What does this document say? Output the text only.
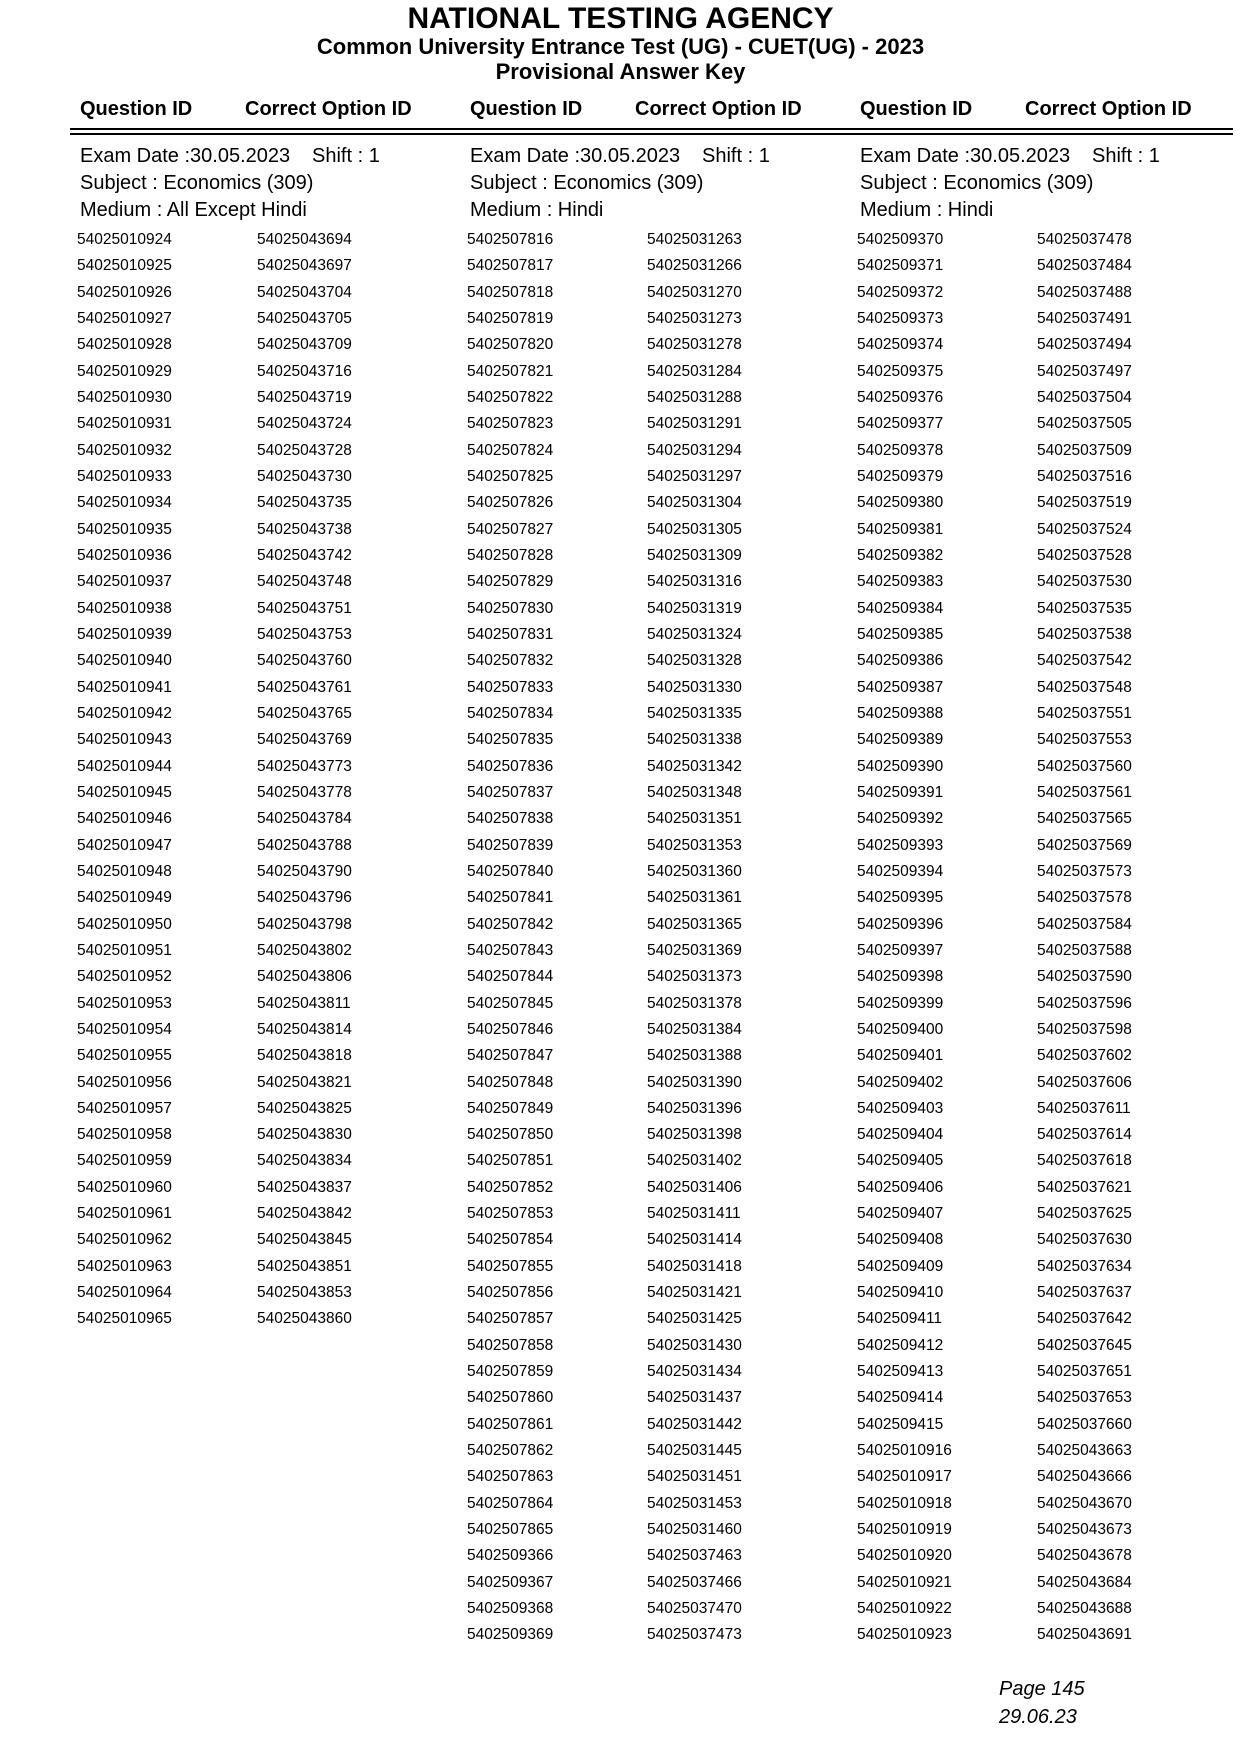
NATIONAL TESTING AGENCY
Common University Entrance Test (UG) - CUET(UG) - 2023
Provisional Answer Key
Question ID	Correct Option ID	Question ID	Correct Option ID	Question ID	Correct Option ID
Exam Date :30.05.2023 Shift : 1
Subject : Economics (309)
Medium : All Except Hindi
54025010924	54025043694
54025010925	54025043697
54025010926	54025043704
54025010927	54025043705
54025010928	54025043709
54025010929	54025043716
54025010930	54025043719
54025010931	54025043724
54025010932	54025043728
54025010933	54025043730
54025010934	54025043735
54025010935	54025043738
54025010936	54025043742
54025010937	54025043748
54025010938	54025043751
54025010939	54025043753
54025010940	54025043760
54025010941	54025043761
54025010942	54025043765
54025010943	54025043769
54025010944	54025043773
54025010945	54025043778
54025010946	54025043784
54025010947	54025043788
54025010948	54025043790
54025010949	54025043796
54025010950	54025043798
54025010951	54025043802
54025010952	54025043806
54025010953	54025043811
54025010954	54025043814
54025010955	54025043818
54025010956	54025043821
54025010957	54025043825
54025010958	54025043830
54025010959	54025043834
54025010960	54025043837
54025010961	54025043842
54025010962	54025043845
54025010963	54025043851
54025010964	54025043853
54025010965	54025043860
Exam Date :30.05.2023 Shift : 1
Subject : Economics (309)
Medium : Hindi
5402507816	54025031263
5402507817	54025031266
5402507818	54025031270
5402507819	54025031273
5402507820	54025031278
5402507821	54025031284
5402507822	54025031288
5402507823	54025031291
5402507824	54025031294
5402507825	54025031297
5402507826	54025031304
5402507827	54025031305
5402507828	54025031309
5402507829	54025031316
5402507830	54025031319
5402507831	54025031324
5402507832	54025031328
5402507833	54025031330
5402507834	54025031335
5402507835	54025031338
5402507836	54025031342
5402507837	54025031348
5402507838	54025031351
5402507839	54025031353
5402507840	54025031360
5402507841	54025031361
5402507842	54025031365
5402507843	54025031369
5402507844	54025031373
5402507845	54025031378
5402507846	54025031384
5402507847	54025031388
5402507848	54025031390
5402507849	54025031396
5402507850	54025031398
5402507851	54025031402
5402507852	54025031406
5402507853	54025031411
5402507854	54025031414
5402507855	54025031418
5402507856	54025031421
5402507857	54025031425
5402507858	54025031430
5402507859	54025031434
5402507860	54025031437
5402507861	54025031442
5402507862	54025031445
5402507863	54025031451
5402507864	54025031453
5402507865	54025031460
5402509366	54025037463
5402509367	54025037466
5402509368	54025037470
5402509369	54025037473
Exam Date :30.05.2023 Shift : 1
Subject : Economics (309)
Medium : Hindi
5402509370	54025037478
5402509371	54025037484
5402509372	54025037488
5402509373	54025037491
5402509374	54025037494
5402509375	54025037497
5402509376	54025037504
5402509377	54025037505
5402509378	54025037509
5402509379	54025037516
5402509380	54025037519
5402509381	54025037524
5402509382	54025037528
5402509383	54025037530
5402509384	54025037535
5402509385	54025037538
5402509386	54025037542
5402509387	54025037548
5402509388	54025037551
5402509389	54025037553
5402509390	54025037560
5402509391	54025037561
5402509392	54025037565
5402509393	54025037569
5402509394	54025037573
5402509395	54025037578
5402509396	54025037584
5402509397	54025037588
5402509398	54025037590
5402509399	54025037596
5402509400	54025037598
5402509401	54025037602
5402509402	54025037606
5402509403	54025037611
5402509404	54025037614
5402509405	54025037618
5402509406	54025037621
5402509407	54025037625
5402509408	54025037630
5402509409	54025037634
5402509410	54025037637
5402509411	54025037642
5402509412	54025037645
5402509413	54025037651
5402509414	54025037653
5402509415	54025037660
54025010916	54025043663
54025010917	54025043666
54025010918	54025043670
54025010919	54025043673
54025010920	54025043678
54025010921	54025043684
54025010922	54025043688
54025010923	54025043691
Page 145
29.06.23
